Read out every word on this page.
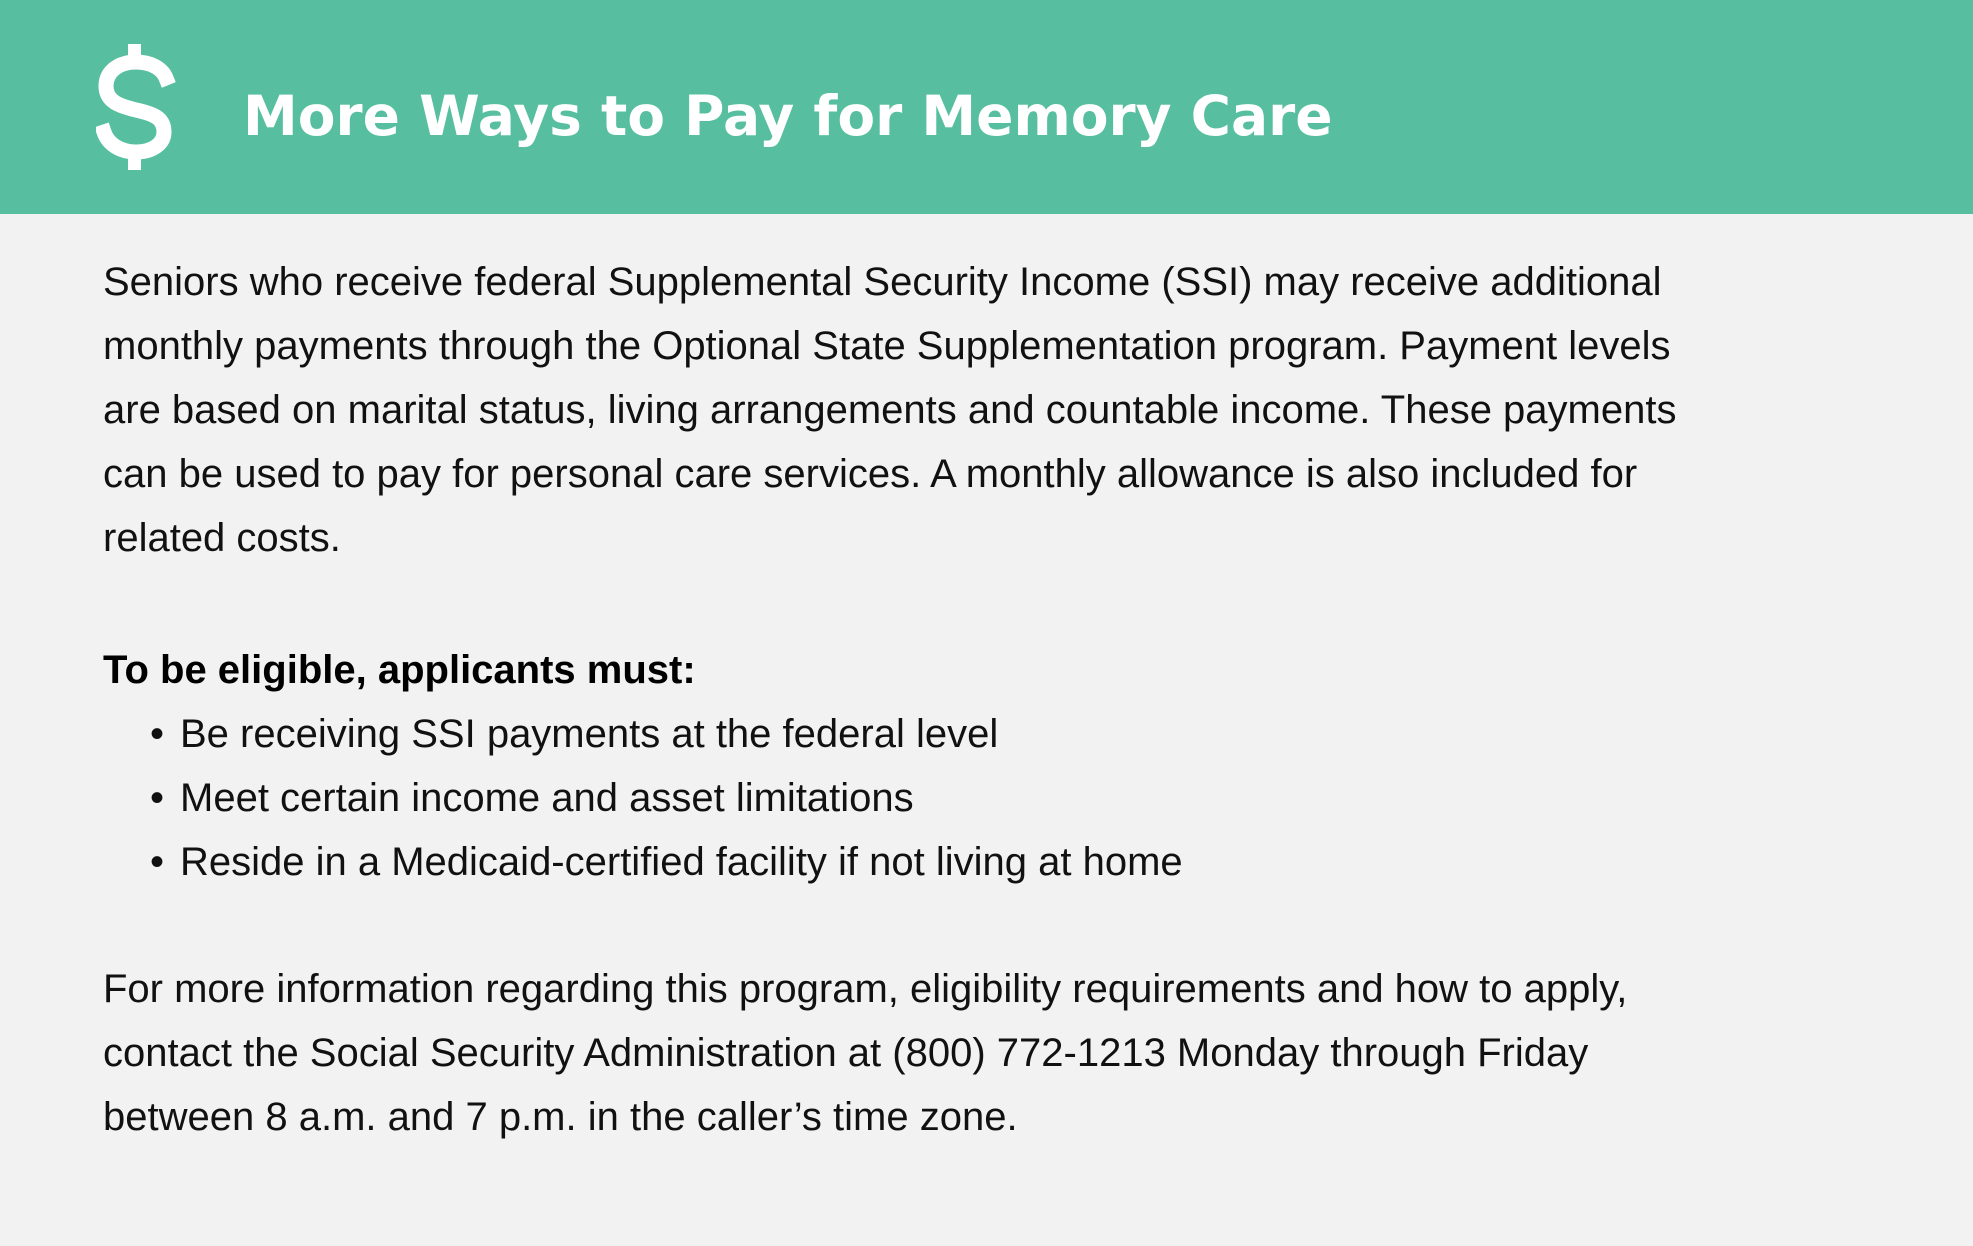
More Ways to Pay for Memory Care

Seniors who receive federal Supplemental Security Income (SSI) may receive additional
monthly payments through the Optional State Supplementation program. Payment levels
are based on marital status, living arrangements and countable income. These payments
can be used to pay for personal care services. A monthly allowance is also included for
related costs.

To be eligible, applicants must:
• Be receiving SSI payments at the federal level
• Meet certain income and asset limitations
• Reside in a Medicaid-certified facility if not living at home

For more information regarding this program, eligibility requirements and how to apply,
contact the Social Security Administration at (800) 772-1213 Monday through Friday
between 8 a.m. and 7 p.m. in the caller’s time zone.
